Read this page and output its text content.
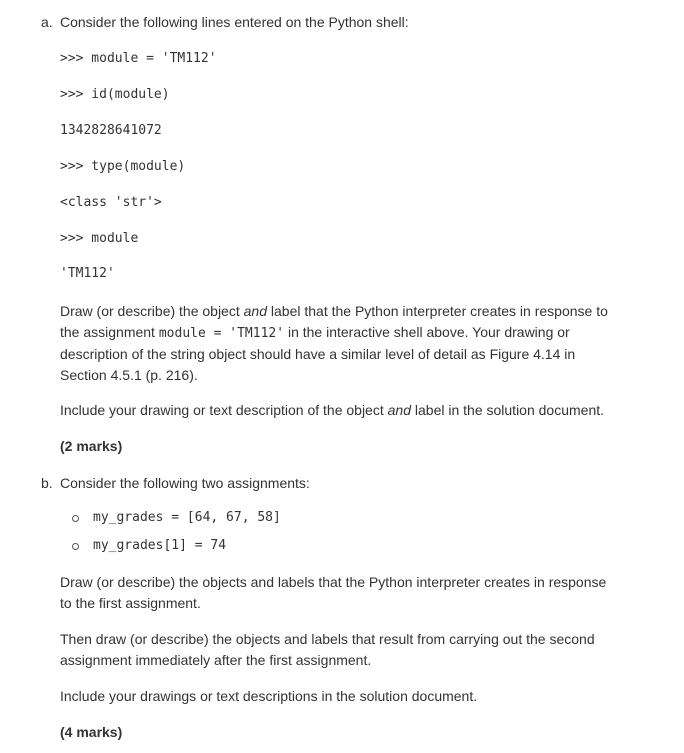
a. Consider the following lines entered on the Python shell:
>>> module = 'TM112'
>>> id(module)
1342828641072
>>> type(module)
<class 'str'>
>>> module
'TM112'
Draw (or describe) the object and label that the Python interpreter creates in response to the assignment module = 'TM112' in the interactive shell above. Your drawing or description of the string object should have a similar level of detail as Figure 4.14 in Section 4.5.1 (p. 216).
Include your drawing or text description of the object and label in the solution document.
(2 marks)
b. Consider the following two assignments:
my_grades = [64, 67, 58]
my_grades[1] = 74
Draw (or describe) the objects and labels that the Python interpreter creates in response to the first assignment.
Then draw (or describe) the objects and labels that result from carrying out the second assignment immediately after the first assignment.
Include your drawings or text descriptions in the solution document.
(4 marks)
